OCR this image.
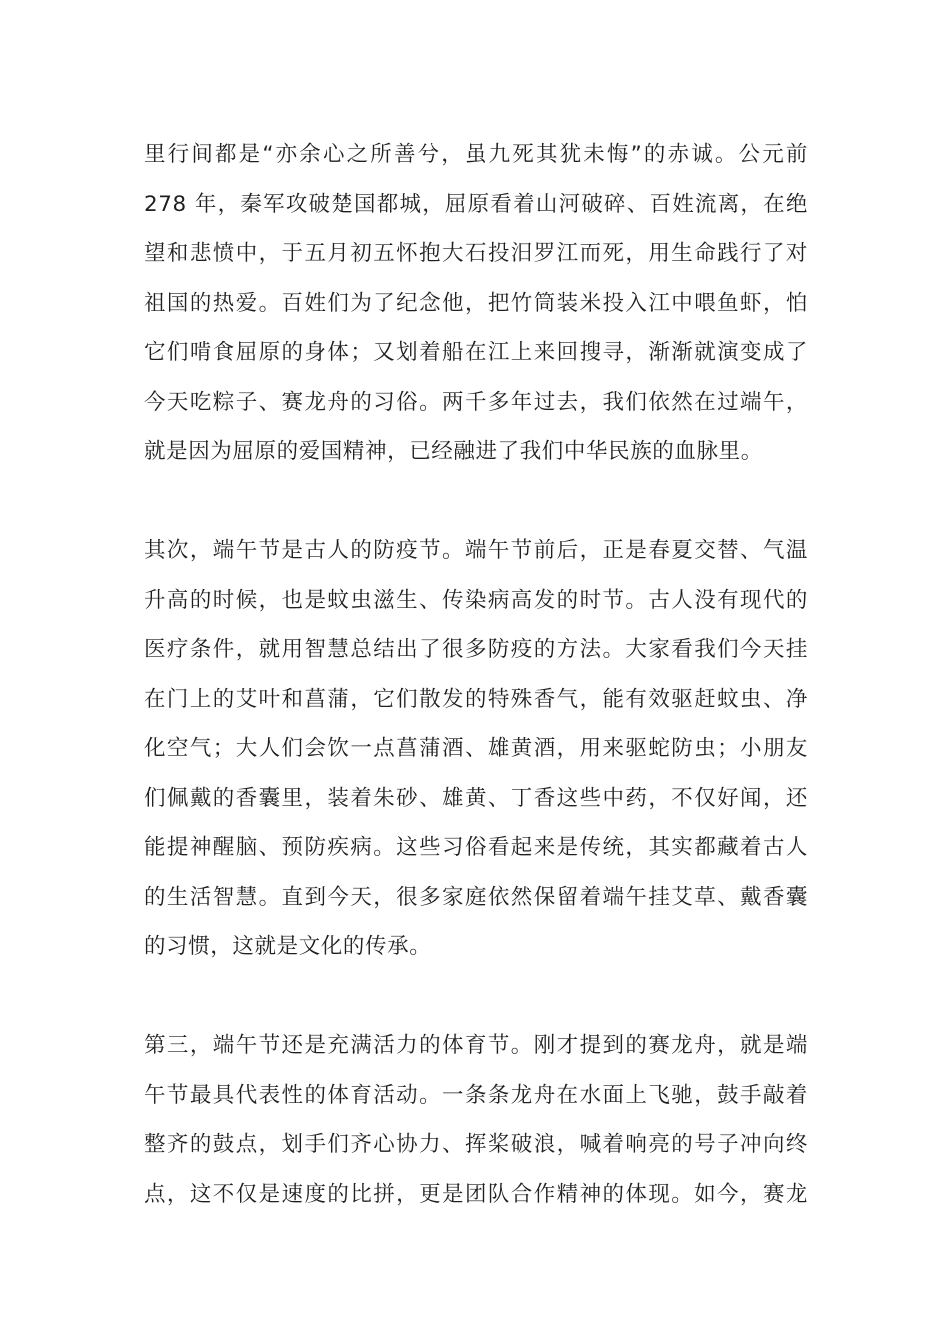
里行间都是“亦余心之所善兮，虽九死其犹未悔”的赤诚。公元前
278 年，秦军攻破楚国都城，屈原看着山河破碎、百姓流离，在绝
望和悲愤中，于五月初五怀抱大石投汨罗江而死，用生命践行了对
祖国的热爱。百姓们为了纪念他，把竹筒装米投入江中喂鱼虾，怕
它们啃食屈原的身体；又划着船在江上来回搜寻，渐渐就演变成了
今天吃粽子、赛龙舟的习俗。两千多年过去，我们依然在过端午，
就是因为屈原的爱国精神，已经融进了我们中华民族的血脉里。
其次，端午节是古人的防疫节。端午节前后，正是春夏交替、气温
升高的时候，也是蚊虫滋生、传染病高发的时节。古人没有现代的
医疗条件，就用智慧总结出了很多防疫的方法。大家看我们今天挂
在门上的艾叶和菖蒲，它们散发的特殊香气，能有效驱赶蚊虫、净
化空气；大人们会饮一点菖蒲酒、雄黄酒，用来驱蛇防虫；小朋友
们佩戴的香囊里，装着朱砂、雄黄、丁香这些中药，不仅好闻，还
能提神醒脑、预防疾病。这些习俗看起来是传统，其实都藏着古人
的生活智慧。直到今天，很多家庭依然保留着端午挂艾草、戴香囊
的习惯，这就是文化的传承。
第三，端午节还是充满活力的体育节。刚才提到的赛龙舟，就是端
午节最具代表性的体育活动。一条条龙舟在水面上飞驰，鼓手敲着
整齐的鼓点，划手们齐心协力、挥桨破浪，喊着响亮的号子冲向终
点，这不仅是速度的比拼，更是团队合作精神的体现。如今，赛龙
